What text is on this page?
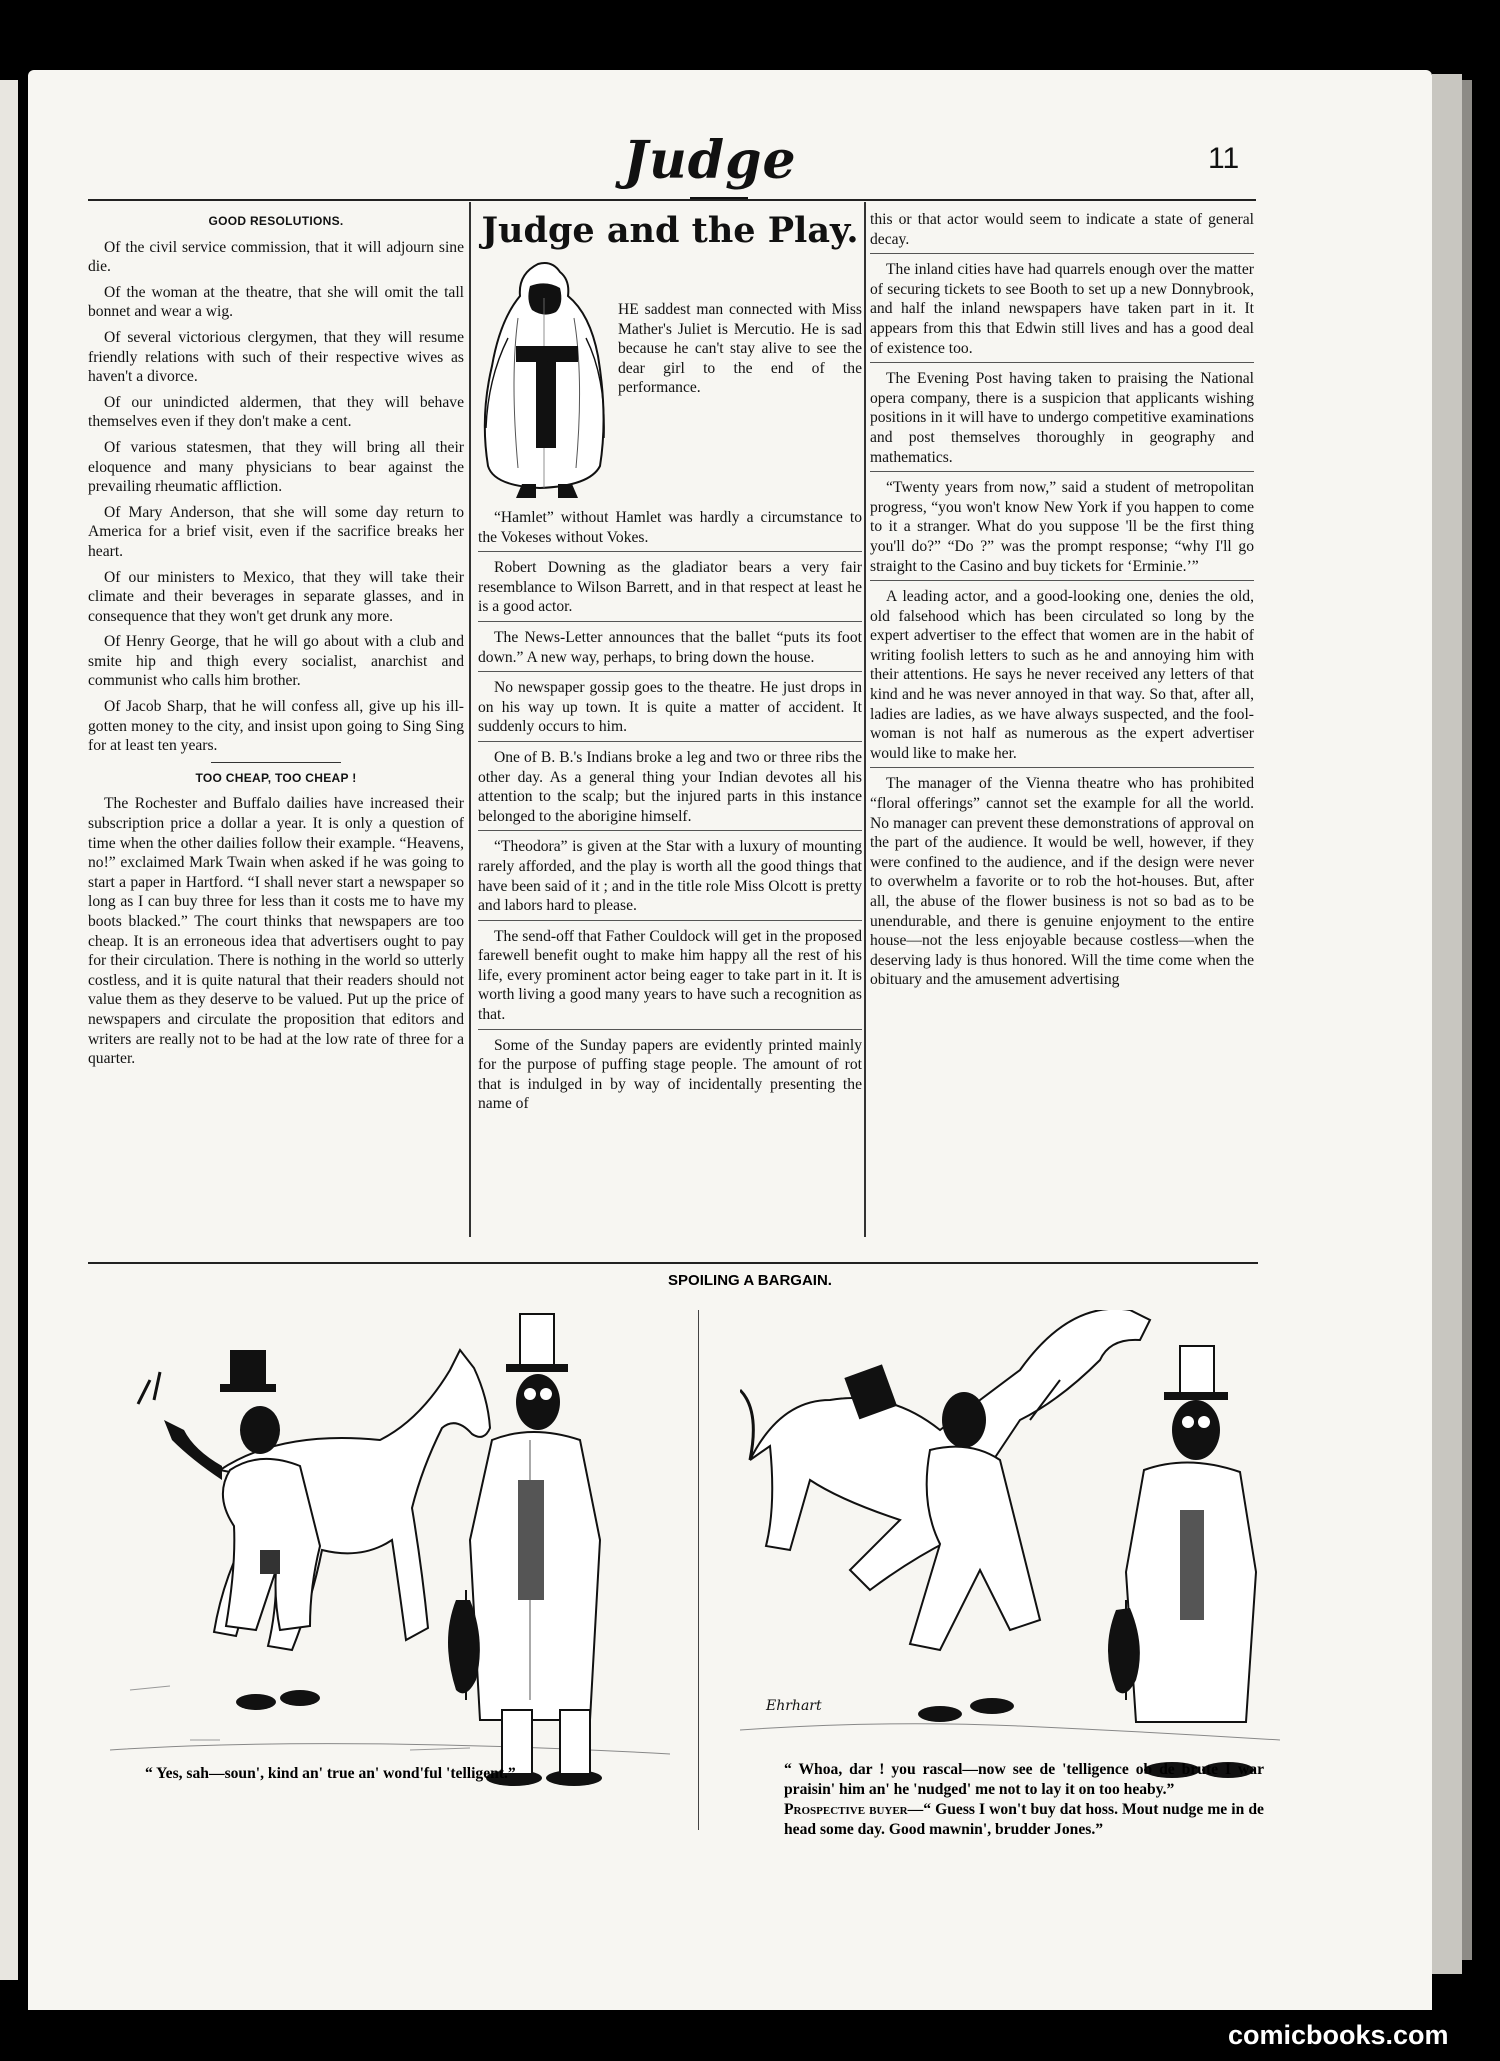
Judge	11
GOOD RESOLUTIONS.

Of the civil service commission, that it will adjourn sine die.

Of the woman at the theatre, that she will omit the tall bonnet and wear a wig.

Of several victorious clergymen, that they will resume friendly relations with such of their respective wives as haven't a divorce.

Of our unindicted aldermen, that they will behave themselves even if they don't make a cent.

Of various statesmen, that they will bring all their eloquence and many physicians to bear against the prevailing rheumatic affliction.

Of Mary Anderson, that she will some day return to America for a brief visit, even if the sacrifice breaks her heart.

Of our ministers to Mexico, that they will take their climate and their beverages in separate glasses, and in consequence that they won't get drunk any more.

Of Henry George, that he will go about with a club and smite hip and thigh every socialist, anarchist and communist who calls him brother.

Of Jacob Sharp, that he will confess all, give up his ill-gotten money to the city, and insist upon going to Sing Sing for at least ten years.

TOO CHEAP, TOO CHEAP !

The Rochester and Buffalo dailies have increased their subscription price a dollar a year. It is only a question of time when the other dailies follow their example. “Heavens, no!” exclaimed Mark Twain when asked if he was going to start a paper in Hartford. “I shall never start a newspaper so long as I can buy three for less than it costs me to have my boots blacked.” The court thinks that newspapers are too cheap. It is an erroneous idea that advertisers ought to pay for their circulation. There is nothing in the world so utterly costless, and it is quite natural that their readers should not value them as they deserve to be valued. Put up the price of newspapers and circulate the proposition that editors and writers are really not to be had at the low rate of three for a quarter.

Judge and the Play.
T
HE saddest man connected with Miss Mather's Juliet is Mercutio. He is sad because he can't stay alive to see the dear girl to the end of the performance.

“Hamlet” without Hamlet was hardly a circumstance to the Vokeses without Vokes.

Robert Downing as the gladiator bears a very fair resemblance to Wilson Barrett, and in that respect at least he is a good actor.

The News-Letter announces that the ballet “puts its foot down.” A new way, perhaps, to bring down the house.

No newspaper gossip goes to the theatre. He just drops in on his way up town. It is quite a matter of accident. It suddenly occurs to him.

One of B. B.'s Indians broke a leg and two or three ribs the other day. As a general thing your Indian devotes all his attention to the scalp; but the injured parts in this instance belonged to the aborigine himself.

“Theodora” is given at the Star with a luxury of mounting rarely afforded, and the play is worth all the good things that have been said of it ; and in the title role Miss Olcott is pretty and labors hard to please.

The send-off that Father Couldock will get in the proposed farewell benefit ought to make him happy all the rest of his life, every prominent actor being eager to take part in it. It is worth living a good many years to have such a recognition as that.

Some of the Sunday papers are evidently printed mainly for the purpose of puffing stage people. The amount of rot that is indulged in by way of incidentally presenting the name of

this or that actor would seem to indicate a state of general decay.

The inland cities have had quarrels enough over the matter of securing tickets to see Booth to set up a new Donnybrook, and half the inland newspapers have taken part in it. It appears from this that Edwin still lives and has a good deal of existence too.

The Evening Post having taken to praising the National opera company, there is a suspicion that applicants wishing positions in it will have to undergo competitive examinations and post themselves thoroughly in geography and mathematics.

“Twenty years from now,” said a student of metropolitan progress, “you won't know New York if you happen to come to it a stranger. What do you suppose 'll be the first thing you'll do?” “Do ?” was the prompt response; “why I'll go straight to the Casino and buy tickets for ‘Erminie.’”

A leading actor, and a good-looking one, denies the old, old falsehood which has been circulated so long by the expert advertiser to the effect that women are in the habit of writing foolish letters to such as he and annoying him with their attentions. He says he never received any letters of that kind and he was never annoyed in that way. So that, after all, ladies are ladies, as we have always suspected, and the fool-woman is not half as numerous as the expert advertiser would like to make her.

The manager of the Vienna theatre who has prohibited “floral offerings” cannot set the example for all the world. No manager can prevent these demonstrations of approval on the part of the audience. It would be well, however, if they were confined to the audience, and if the design were never to overwhelm a favorite or to rob the hot-houses. But, after all, the abuse of the flower business is not so bad as to be unendurable, and there is genuine enjoyment to the entire house—not the less enjoyable because costless—when the deserving lady is thus honored. Will the time come when the obituary and the amusement advertising

SPOILING A BARGAIN.
Ehrhart
“ Yes, sah—soun', kind an' true an' wond'ful 'telligent.”	“ Whoa, dar ! you rascal—now see de 'telligence ob de brute I war praisin' him an' he 'nudged' me not to lay it on too heaby.”
Prospective buyer—“ Guess I won't buy dat hoss. Mout nudge me in de head some day. Good mawnin', brudder Jones.”
comicbooks.com
